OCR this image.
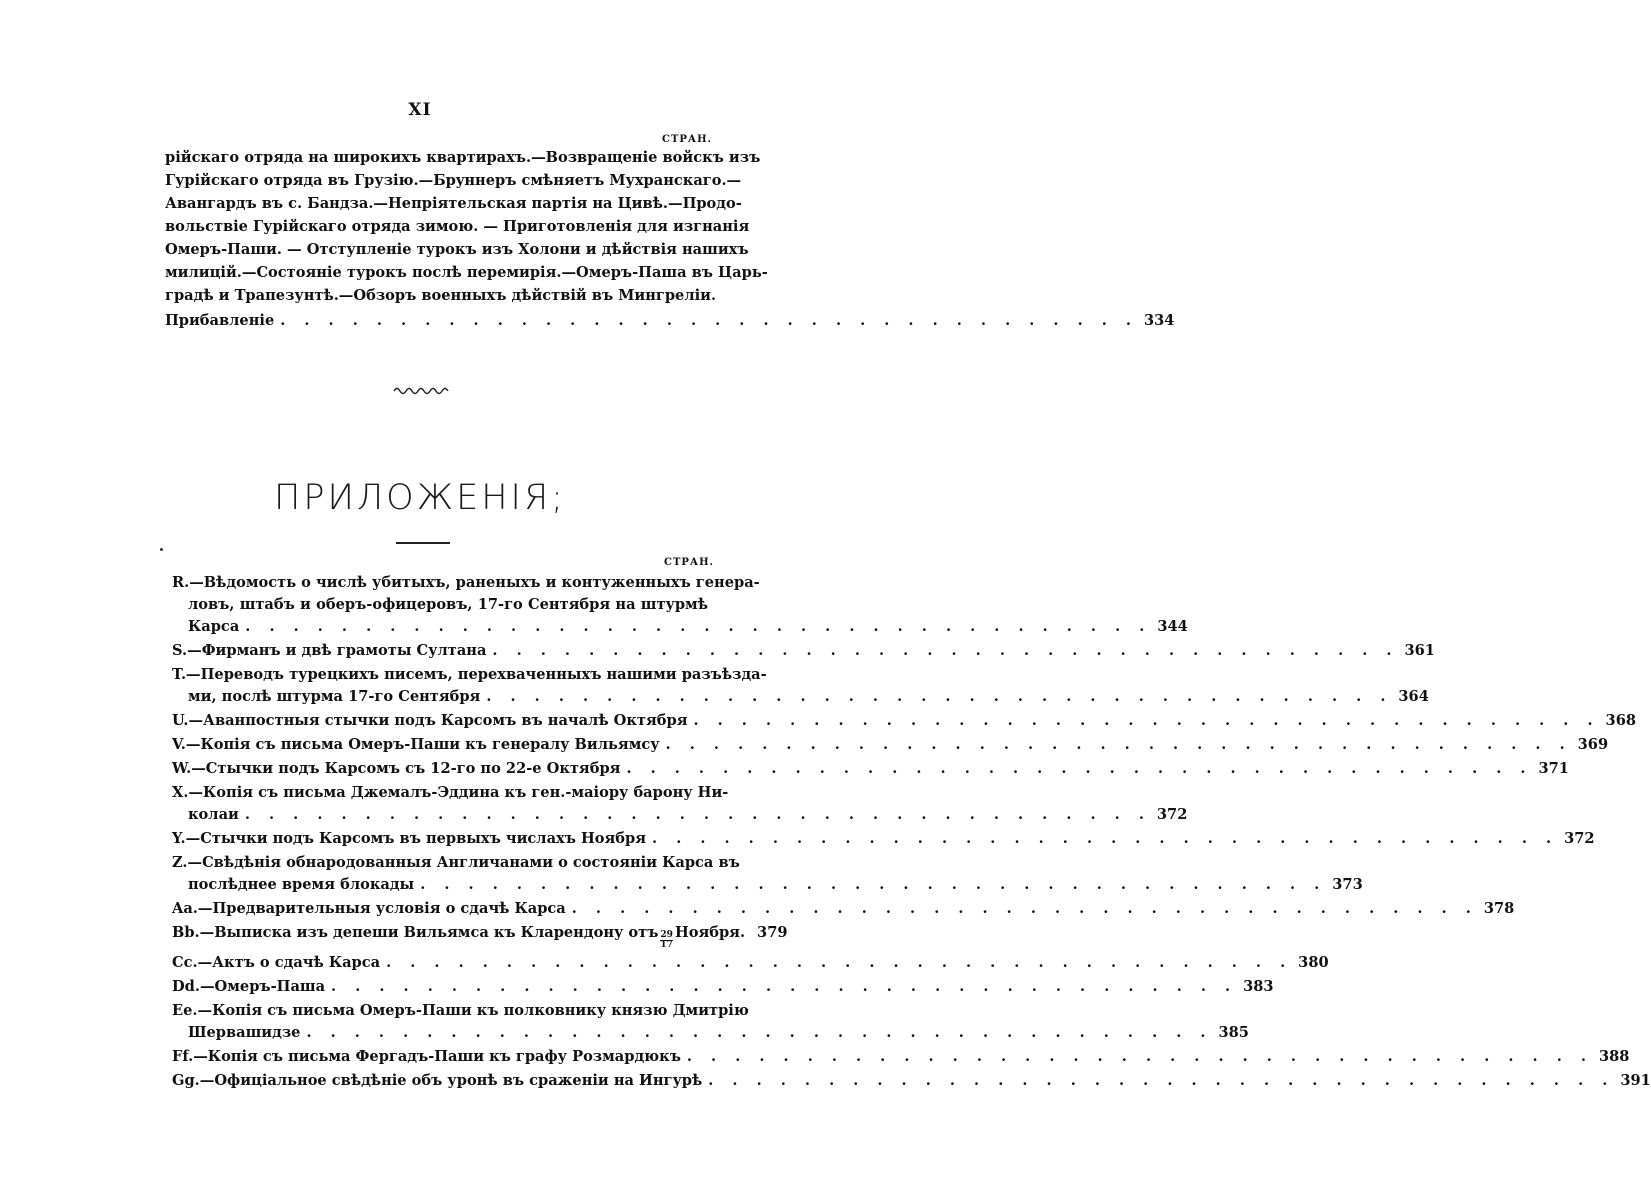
XI
СТРАН.
рiйскаго отряда на широкихъ квартирахъ.—Возвращенiе войскъ изъ
Гурiйскаго отряда въ Грузiю.—Брyннеръ смѣняетъ Мухранскаго.—
Авангардъ въ с. Бандза.—Непрiятельская партiя на Цивѣ.—Продо-
вольствiе Гурiйскаго отряда зимою. — Приготовленiя для изгнанiя
Омеръ-Паши. — Отступленiе турокъ изъ Холони и дѣйствiя нашихъ
милицiй.—Состоянiе турокъ послѣ перемирiя.—Омеръ-Паша въ Царь-
градѣ и Трапезунтѣ.—Обзоръ военныхъ дѣйствiй въ Мингрелiи.
Прибавленiе . . . . . . . . . . . . . . . . . . . . . . . . . . . . . . . . . . . . 334
ПРИЛОЖЕНIЯ;
СТРАН.
R.—Вѣдомость о числѣ убитыхъ, раненыхъ и контуженныхъ генера-
ловъ, штабъ и оберъ-офицеровъ, 17-го Сентября на штурмѣ
Карса . . . . . . . . . . . . . . . . . . . . . . . . . . . . . . . . . . . . . . 344
S.—Фирманъ и двѣ грамоты Султана . . . . . . . . . . . . . . . . . . . . . . . . . . . . . . . . . . . . . . 361
T.—Переводъ турецкихъ писемъ, перехваченныхъ нашими разъѣзда-
ми, послѣ штурма 17-го Сентября . . . . . . . . . . . . . . . . . . . . . . . . . . . . . . . . . . . . . . 364
U.—Аванпостныя стычки подъ Карсомъ въ началѣ Октября . . . . . . . . . . . . . . . . . . . . . . . . . . . . . . . . . . . . . . 368
V.—Копiя съ письма Омеръ-Паши къ генералу Вильямсу . . . . . . . . . . . . . . . . . . . . . . . . . . . . . . . . . . . . . . 369
W.—Стычки подъ Карсомъ съ 12-го по 22-е Октября . . . . . . . . . . . . . . . . . . . . . . . . . . . . . . . . . . . . . . 371
X.—Копiя съ письма Джемалъ-Эддина къ ген.-маiору барону Ни-
колаи . . . . . . . . . . . . . . . . . . . . . . . . . . . . . . . . . . . . . . 372
Y.—Стычки подъ Карсомъ въ первыхъ числахъ Ноября . . . . . . . . . . . . . . . . . . . . . . . . . . . . . . . . . . . . . . 372
Z.—Свѣдѣнiя обнародованныя Англичанами о состоянiи Карса въ
послѣднее время блокады . . . . . . . . . . . . . . . . . . . . . . . . . . . . . . . . . . . . . . 373
Aa.—Предварительныя условiя о сдачѣ Карса . . . . . . . . . . . . . . . . . . . . . . . . . . . . . . . . . . . . . . 378
Bb.—Выписка изъ депеши Вильямса къ Кларендону отъ $\frac{29}{17}$ Ноября. 379
Cc.—Актъ о сдачѣ Карса . . . . . . . . . . . . . . . . . . . . . . . . . . . . . . . . . . . . . . 380
Dd.—Омеръ-Паша . . . . . . . . . . . . . . . . . . . . . . . . . . . . . . . . . . . . . . 383
Ee.—Копiя съ письма Омеръ-Паши къ полковнику князю Дмитрiю
Шервашидзе . . . . . . . . . . . . . . . . . . . . . . . . . . . . . . . . . . . . . . 385
Ff.—Копiя съ письма Фергадъ-Паши къ графу Розмардюкъ . . . . . . . . . . . . . . . . . . . . . . . . . . . . . . . . . . . . . . 388
Gg.—Офицiальное свѣдѣнiе объ уронѣ въ сраженiи на Ингурѣ . . . . . . . . . . . . . . . . . . . . . . . . . . . . . . . . . . . . . . 391
